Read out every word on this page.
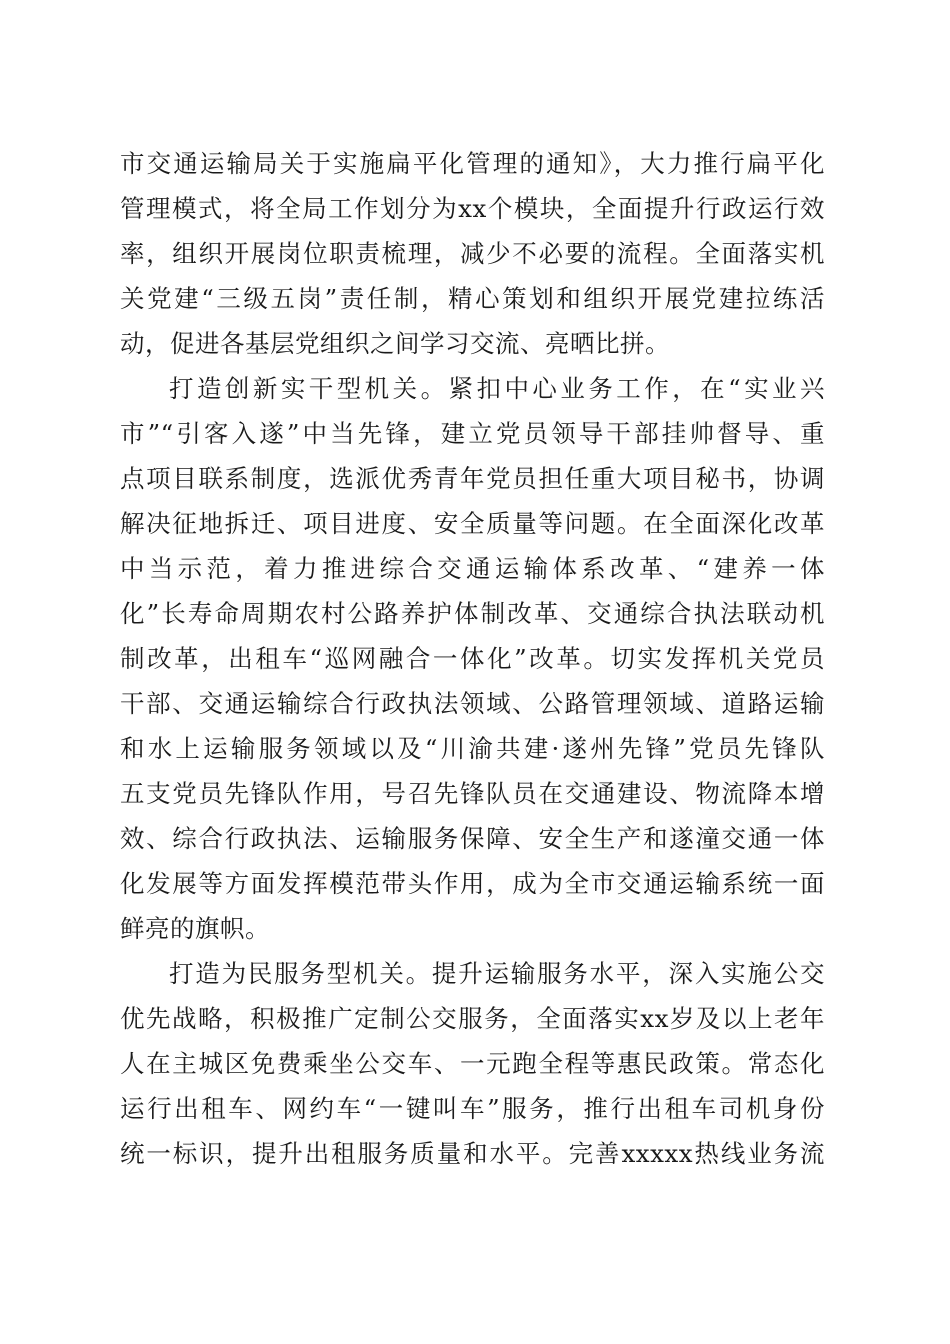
市交通运输局关于实施扁平化管理的通知》，大力推行扁平化
管理模式，将全局工作划分为xx个模块，全面提升行政运行效
率，组织开展岗位职责梳理，减少不必要的流程。全面落实机
关党建“三级五岗”责任制，精心策划和组织开展党建拉练活
动，促进各基层党组织之间学习交流、亮晒比拼。
打造创新实干型机关。紧扣中心业务工作，在“实业兴
市”“引客入遂”中当先锋，建立党员领导干部挂帅督导、重
点项目联系制度，选派优秀青年党员担任重大项目秘书，协调
解决征地拆迁、项目进度、安全质量等问题。在全面深化改革
中当示范，着力推进综合交通运输体系改革、“建养一体
化”长寿命周期农村公路养护体制改革、交通综合执法联动机
制改革，出租车“巡网融合一体化”改革。切实发挥机关党员
干部、交通运输综合行政执法领域、公路管理领域、道路运输
和水上运输服务领域以及“川渝共建·遂州先锋”党员先锋队
五支党员先锋队作用，号召先锋队员在交通建设、物流降本增
效、综合行政执法、运输服务保障、安全生产和遂潼交通一体
化发展等方面发挥模范带头作用，成为全市交通运输系统一面
鲜亮的旗帜。
打造为民服务型机关。提升运输服务水平，深入实施公交
优先战略，积极推广定制公交服务，全面落实xx岁及以上老年
人在主城区免费乘坐公交车、一元跑全程等惠民政策。常态化
运行出租车、网约车“一键叫车”服务，推行出租车司机身份
统一标识，提升出租服务质量和水平。完善xxxxx热线业务流
